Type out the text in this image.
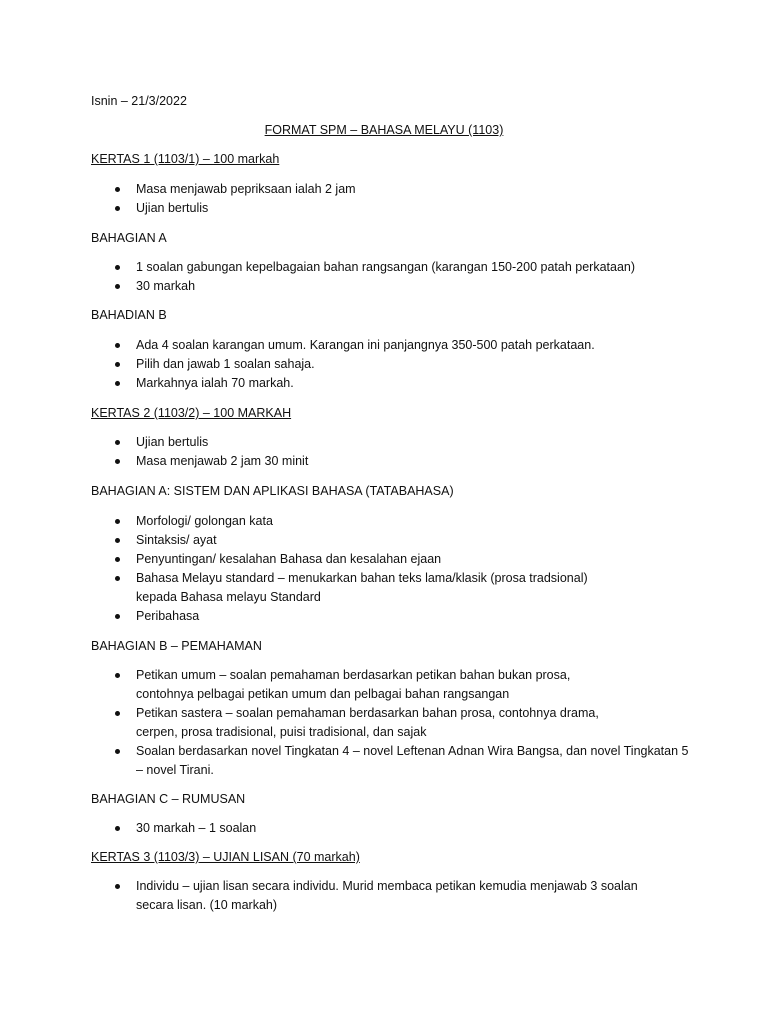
Isnin – 21/3/2022
FORMAT SPM – BAHASA MELAYU (1103)

KERTAS 1 (1103/1) – 100 markah

Masa menjawab pepriksaan ialah 2 jam
Ujian bertulis

BAHAGIAN A

1 soalan gabungan kepelbagaian bahan rangsangan (karangan 150-200 patah perkataan)
30 markah

BAHADIAN B

Ada 4 soalan karangan umum. Karangan ini panjangnya 350-500 patah perkataan.
Pilih dan jawab 1 soalan sahaja.
Markahnya ialah 70 markah.

KERTAS 2 (1103/2) – 100 MARKAH

Ujian bertulis
Masa menjawab 2 jam 30 minit

BAHAGIAN A: SISTEM DAN APLIKASI BAHASA (TATABAHASA)

Morfologi/ golongan kata
Sintaksis/ ayat
Penyuntingan/ kesalahan Bahasa dan kesalahan ejaan
Bahasa Melayu standard – menukarkan bahan teks lama/klasik (prosa tradsional) kepada Bahasa melayu Standard
Peribahasa

BAHAGIAN B – PEMAHAMAN

Petikan umum – soalan pemahaman berdasarkan petikan bahan bukan prosa, contohnya pelbagai petikan umum dan pelbagai bahan rangsangan
Petikan sastera – soalan pemahaman berdasarkan bahan prosa, contohnya drama, cerpen, prosa tradisional, puisi tradisional, dan sajak
Soalan berdasarkan novel Tingkatan 4 – novel Leftenan Adnan Wira Bangsa, dan novel Tingkatan 5 – novel Tirani.

BAHAGIAN C – RUMUSAN

30 markah – 1 soalan

KERTAS 3 (1103/3) – UJIAN LISAN (70 markah)

Individu – ujian lisan secara individu. Murid membaca petikan kemudia menjawab 3 soalan secara lisan. (10 markah)
